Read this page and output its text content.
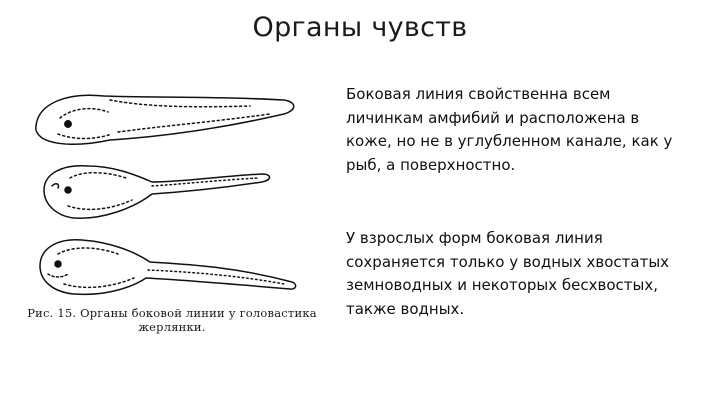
Органы чувств
Рис. 15. Органы боковой линии у головастика
жерлянки.
Боковая линия свойственна всем личинкам амфибий и расположена в коже, но не в углубленном канале, как у рыб, а поверхностно.
У взрослых форм боковая линия сохраняется только у водных хвостатых земноводных и некоторых бесхвостых, также водных.
